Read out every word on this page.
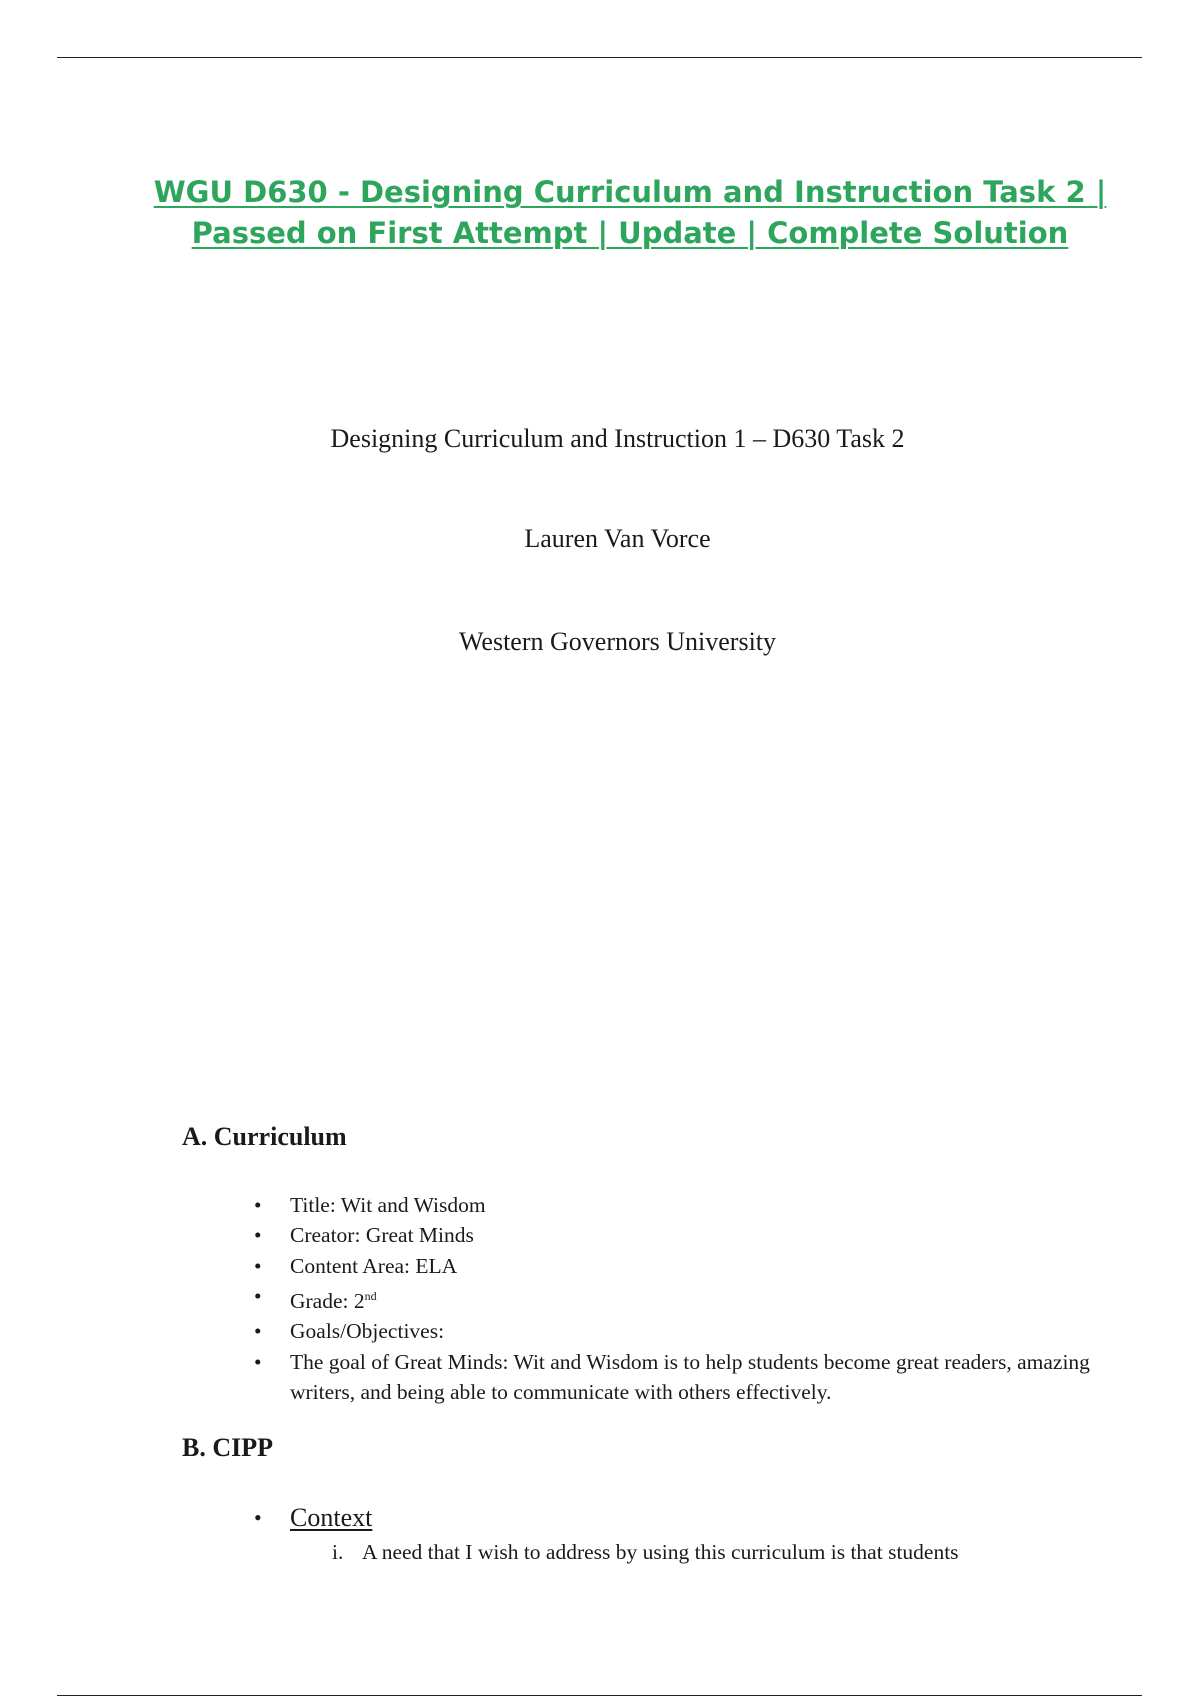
WGU D630 - Designing Curriculum and Instruction Task 2 |
Passed on First Attempt | Update | Complete Solution
Designing Curriculum and Instruction 1 – D630 Task 2
Lauren Van Vorce
Western Governors University
A. Curriculum
• Title: Wit and Wisdom
• Creator: Great Minds
• Content Area: ELA
• Grade: 2nd
• Goals/Objectives:
• The goal of Great Minds: Wit and Wisdom is to help students become great readers, amazing writers, and being able to communicate with others effectively.
B. CIPP
• Context
i. A need that I wish to address by using this curriculum is that students
